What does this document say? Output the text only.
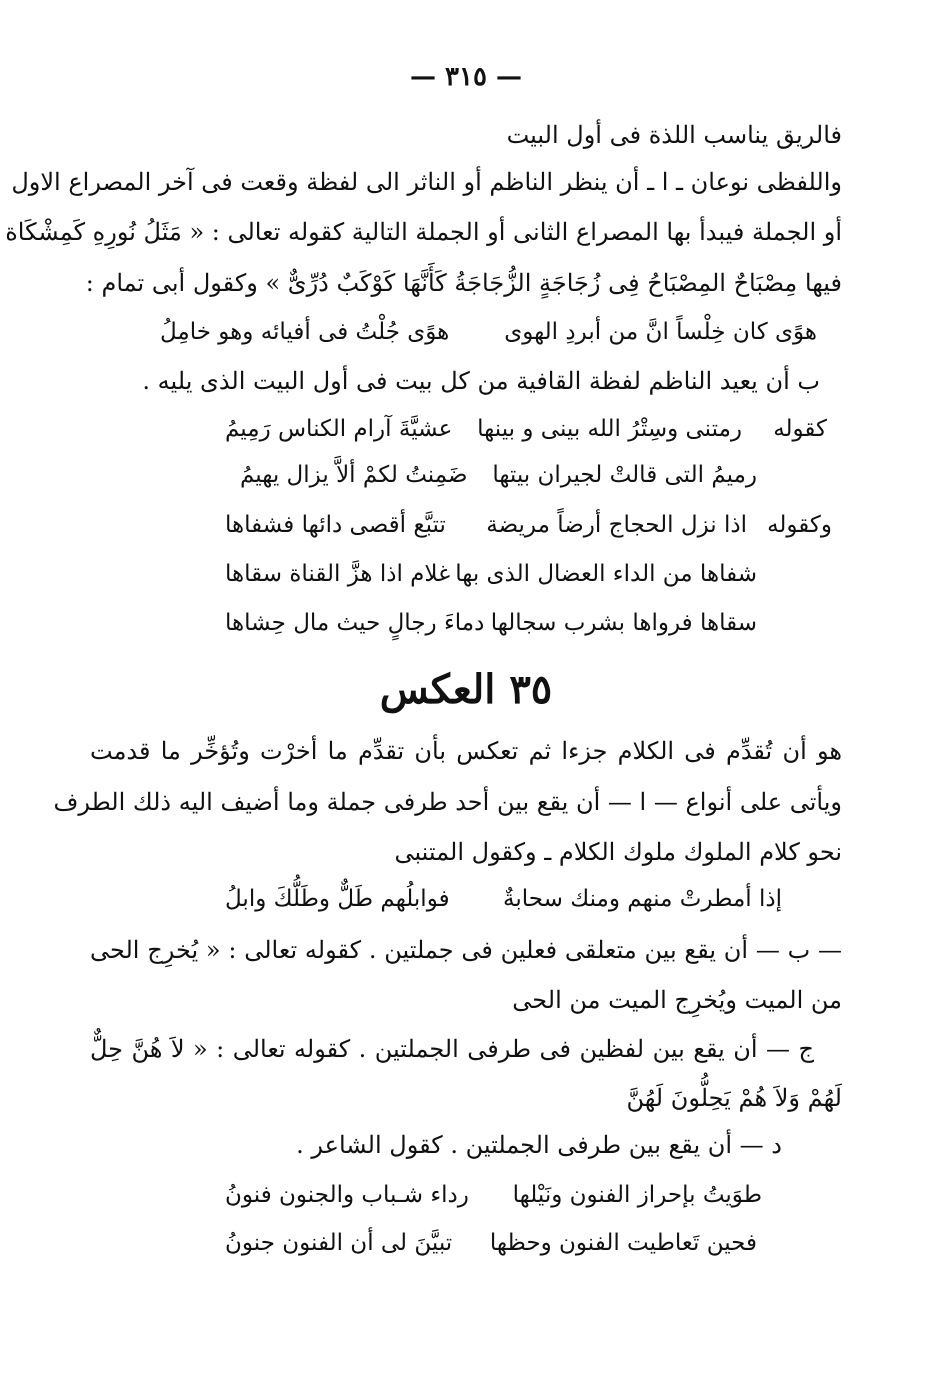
— ٣١٥ —
فالريق يناسب اللذة فى أول البيت
واللفظى نوعان ـ ا ـ أن ينظر الناظم أو الناثر الى لفظة وقعت فى آخر المصراع الاول
أو الجملة فيبدأ بها المصراع الثانى أو الجملة التالية كقوله تعالى : « مَثَلُ نُورِهِ كَمِشْكَاة
فيها مِصْبَاحٌ المِصْبَاحُ فِى زُجَاجَةٍ الزُّجَاجَةُ كَأَنَّهَا كَوْكَبٌ دُرِّىٌّ » وكقول أبى تمام :
هوًى كان خِلْساً انَّ من أبردِ الهوى
هوًى جُلْتُ فى أفيائه وهو خامِلُ
ب أن يعيد الناظم لفظة القافية من كل بيت فى أول البيت الذى يليه .
كقوله
رمتنى وسِتْرُ الله بينى و بينها
عشيَّةَ آرام الكناس رَمِيمُ
رميمُ التى قالتْ لجيران بيتها
ضَمِنتُ لكمْ ألاَّ يزال يهيمُ
وكقوله
اذا نزل الحجاج أرضاً مريضة
تتبَّع أقصى دائها فشفاها
شفاها من الداء العضال الذى بها
غلام اذا هزَّ القناة سقاها
سقاها فرواها بشرب سجالها
دماءَ رجالٍ حيث مال حِشاها
٣٥ العكس
هو أن تُقدِّم فى الكلام جزءا ثم تعكس بأن تقدِّم ما أخرْت وتُؤخِّر ما قدمت
ويأتى على أنواع — ا — أن يقع بين أحد طرفى جملة وما أضيف اليه ذلك الطرف
نحو كلام الملوك ملوك الكلام ـ وكقول المتنبى
إذا أمطرتْ منهم ومنك سحابةٌ
فوابلُهم طَلٌّ وطَلُّكَ وابلُ
— ب — أن يقع بين متعلقى فعلين فى جملتين . كقوله تعالى : « يُخرِج الحى
من الميت ويُخرِج الميت من الحى
ج — أن يقع بين لفظين فى طرفى الجملتين . كقوله تعالى : « لاَ هُنَّ حِلٌّ
لَهُمْ وَلاَ هُمْ يَحِلُّونَ لَهُنَّ
د — أن يقع بين طرفى الجملتين . كقول الشاعر .
طوَيتُ بإحراز الفنون ونَيْلها
رداء شـباب والجنون فنونُ
فحين تَعاطيت الفنون وحظها
تبيَّنَ لى أن الفنون جنونُ
